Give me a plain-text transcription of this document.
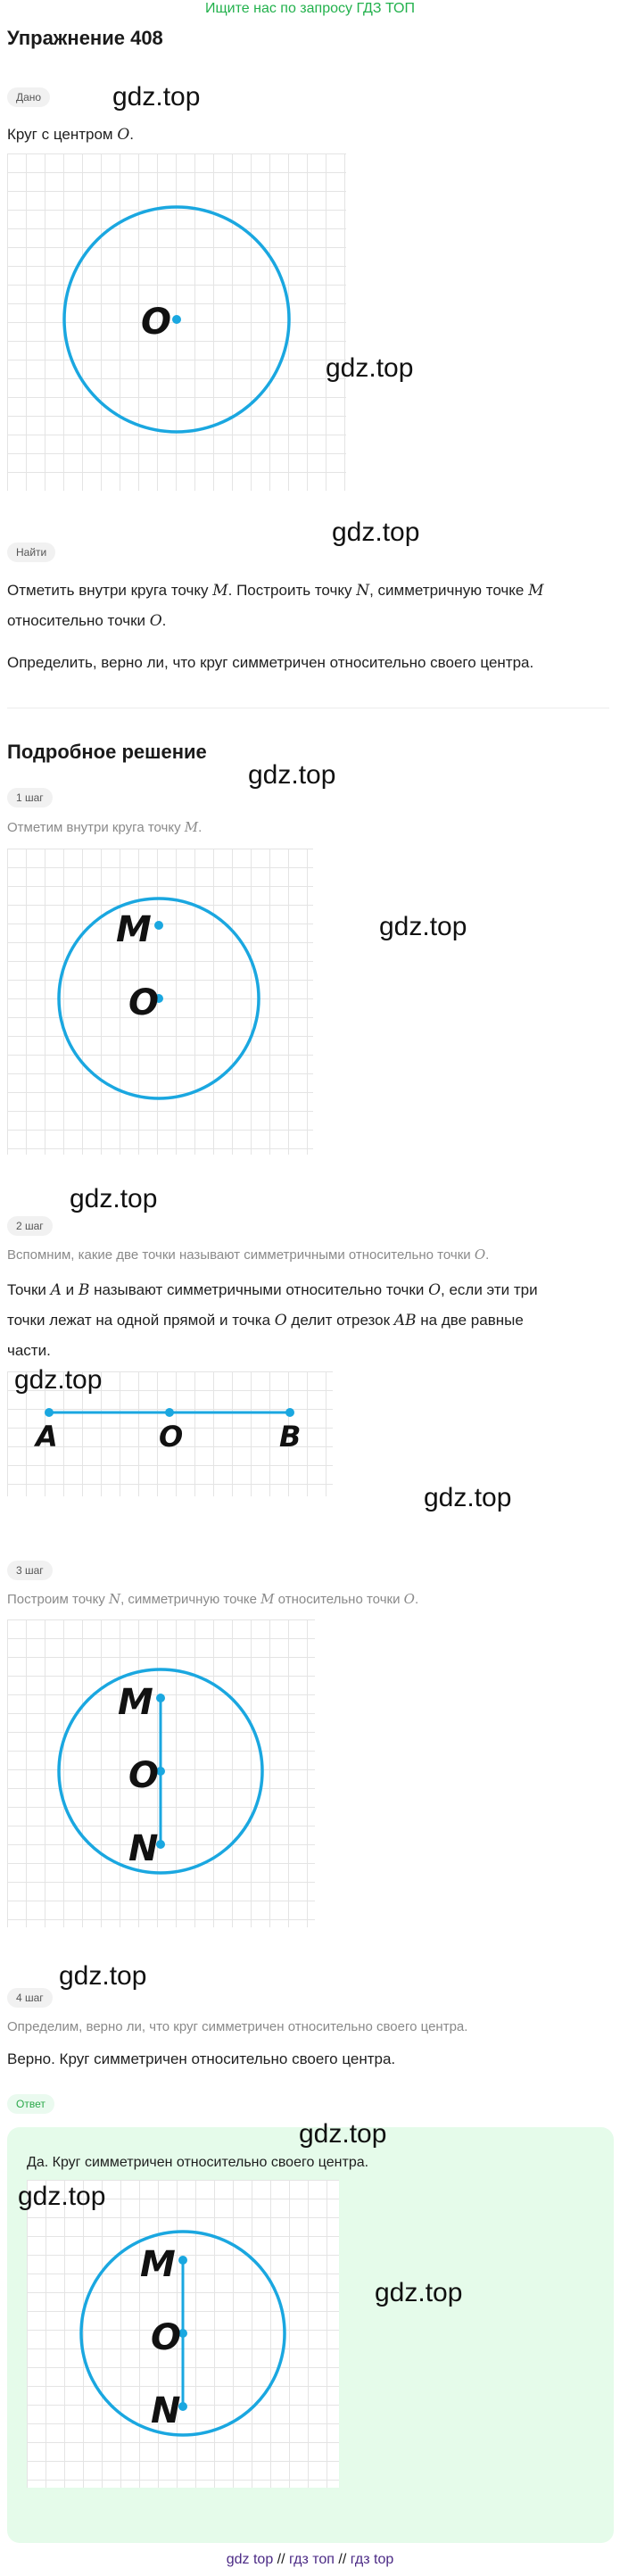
Ищите нас по запросу ГДЗ ТОП
Упражнение 408
Дано	gdz.top
Круг с центром O.
O
gdz.top
Найти
gdz.top
Отметить внутри круга точку M. Построить точку N, симметричную точке M
относительно точки O.
Определить, верно ли, что круг симметричен относительно своего центра.
Подробное решение
gdz.top
1 шаг
Отметим внутри круга точку M.
M
O
gdz.top
gdz.top
2 шаг
Вспомним, какие две точки называют симметричными относительно точки O.
Точки A и B называют симметричными относительно точки O, если эти три
точки лежат на одной прямой и точка O делит отрезок AB на две равные
части.
A	O	B
gdz.top
gdz.top
3 шаг
Построим точку N, симметричную точке M относительно точки O.
M
O
N
gdz.top
4 шаг
Определим, верно ли, что круг симметричен относительно своего центра.
Верно. Круг симметричен относительно своего центра.
Ответ
gdz.top
Да. Круг симметричен относительно своего центра.
M
O
N
gdz.top
gdz.top
gdz top // гдз топ // гдз top
